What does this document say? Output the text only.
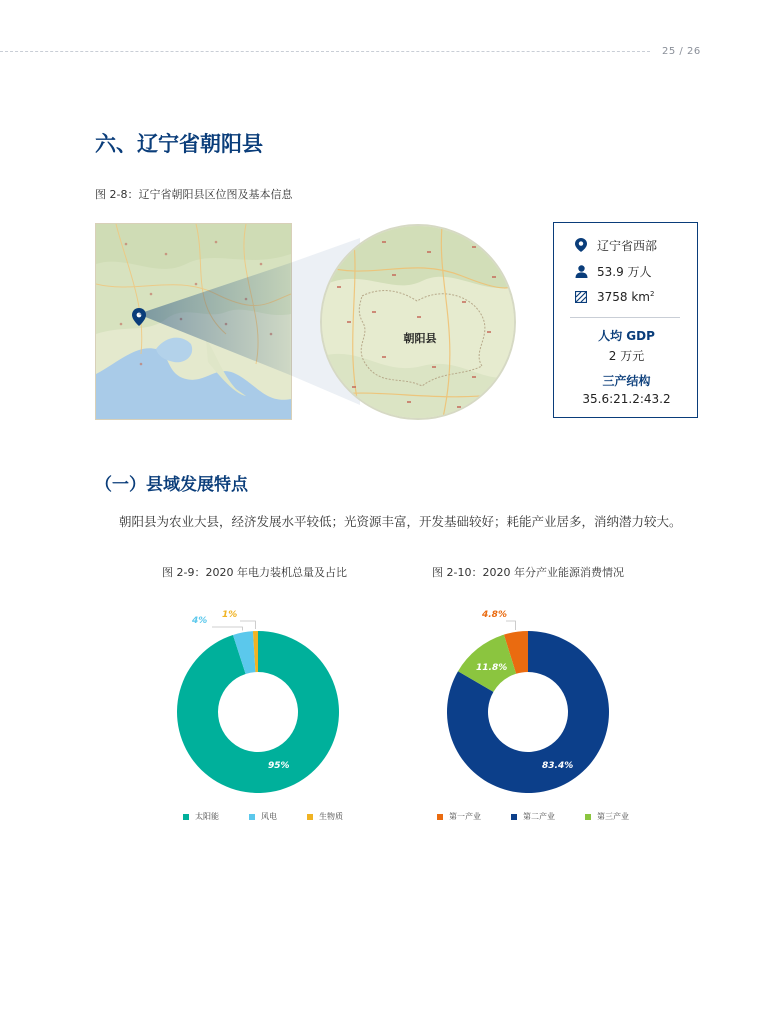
25 / 26
六、辽宁省朝阳县
图 2-8：辽宁省朝阳县区位图及基本信息
朝阳县
辽宁省西部
53.9 万人
3758 $km^2$
人均 GDP
2 万元
三产结构
35.6:21.2:43.2
（一）县域发展特点
朝阳县为农业大县，经济发展水平较低；光资源丰富，开发基础较好；耗能产业居多，消纳潜力较大。
图 2-9：2020 年电力装机总量及占比
95%
4%
1%
太阳能	风电	生物质
图 2-10：2020 年分产业能源消费情况
4.8%
83.4%
11.8%
第一产业	第二产业	第三产业
